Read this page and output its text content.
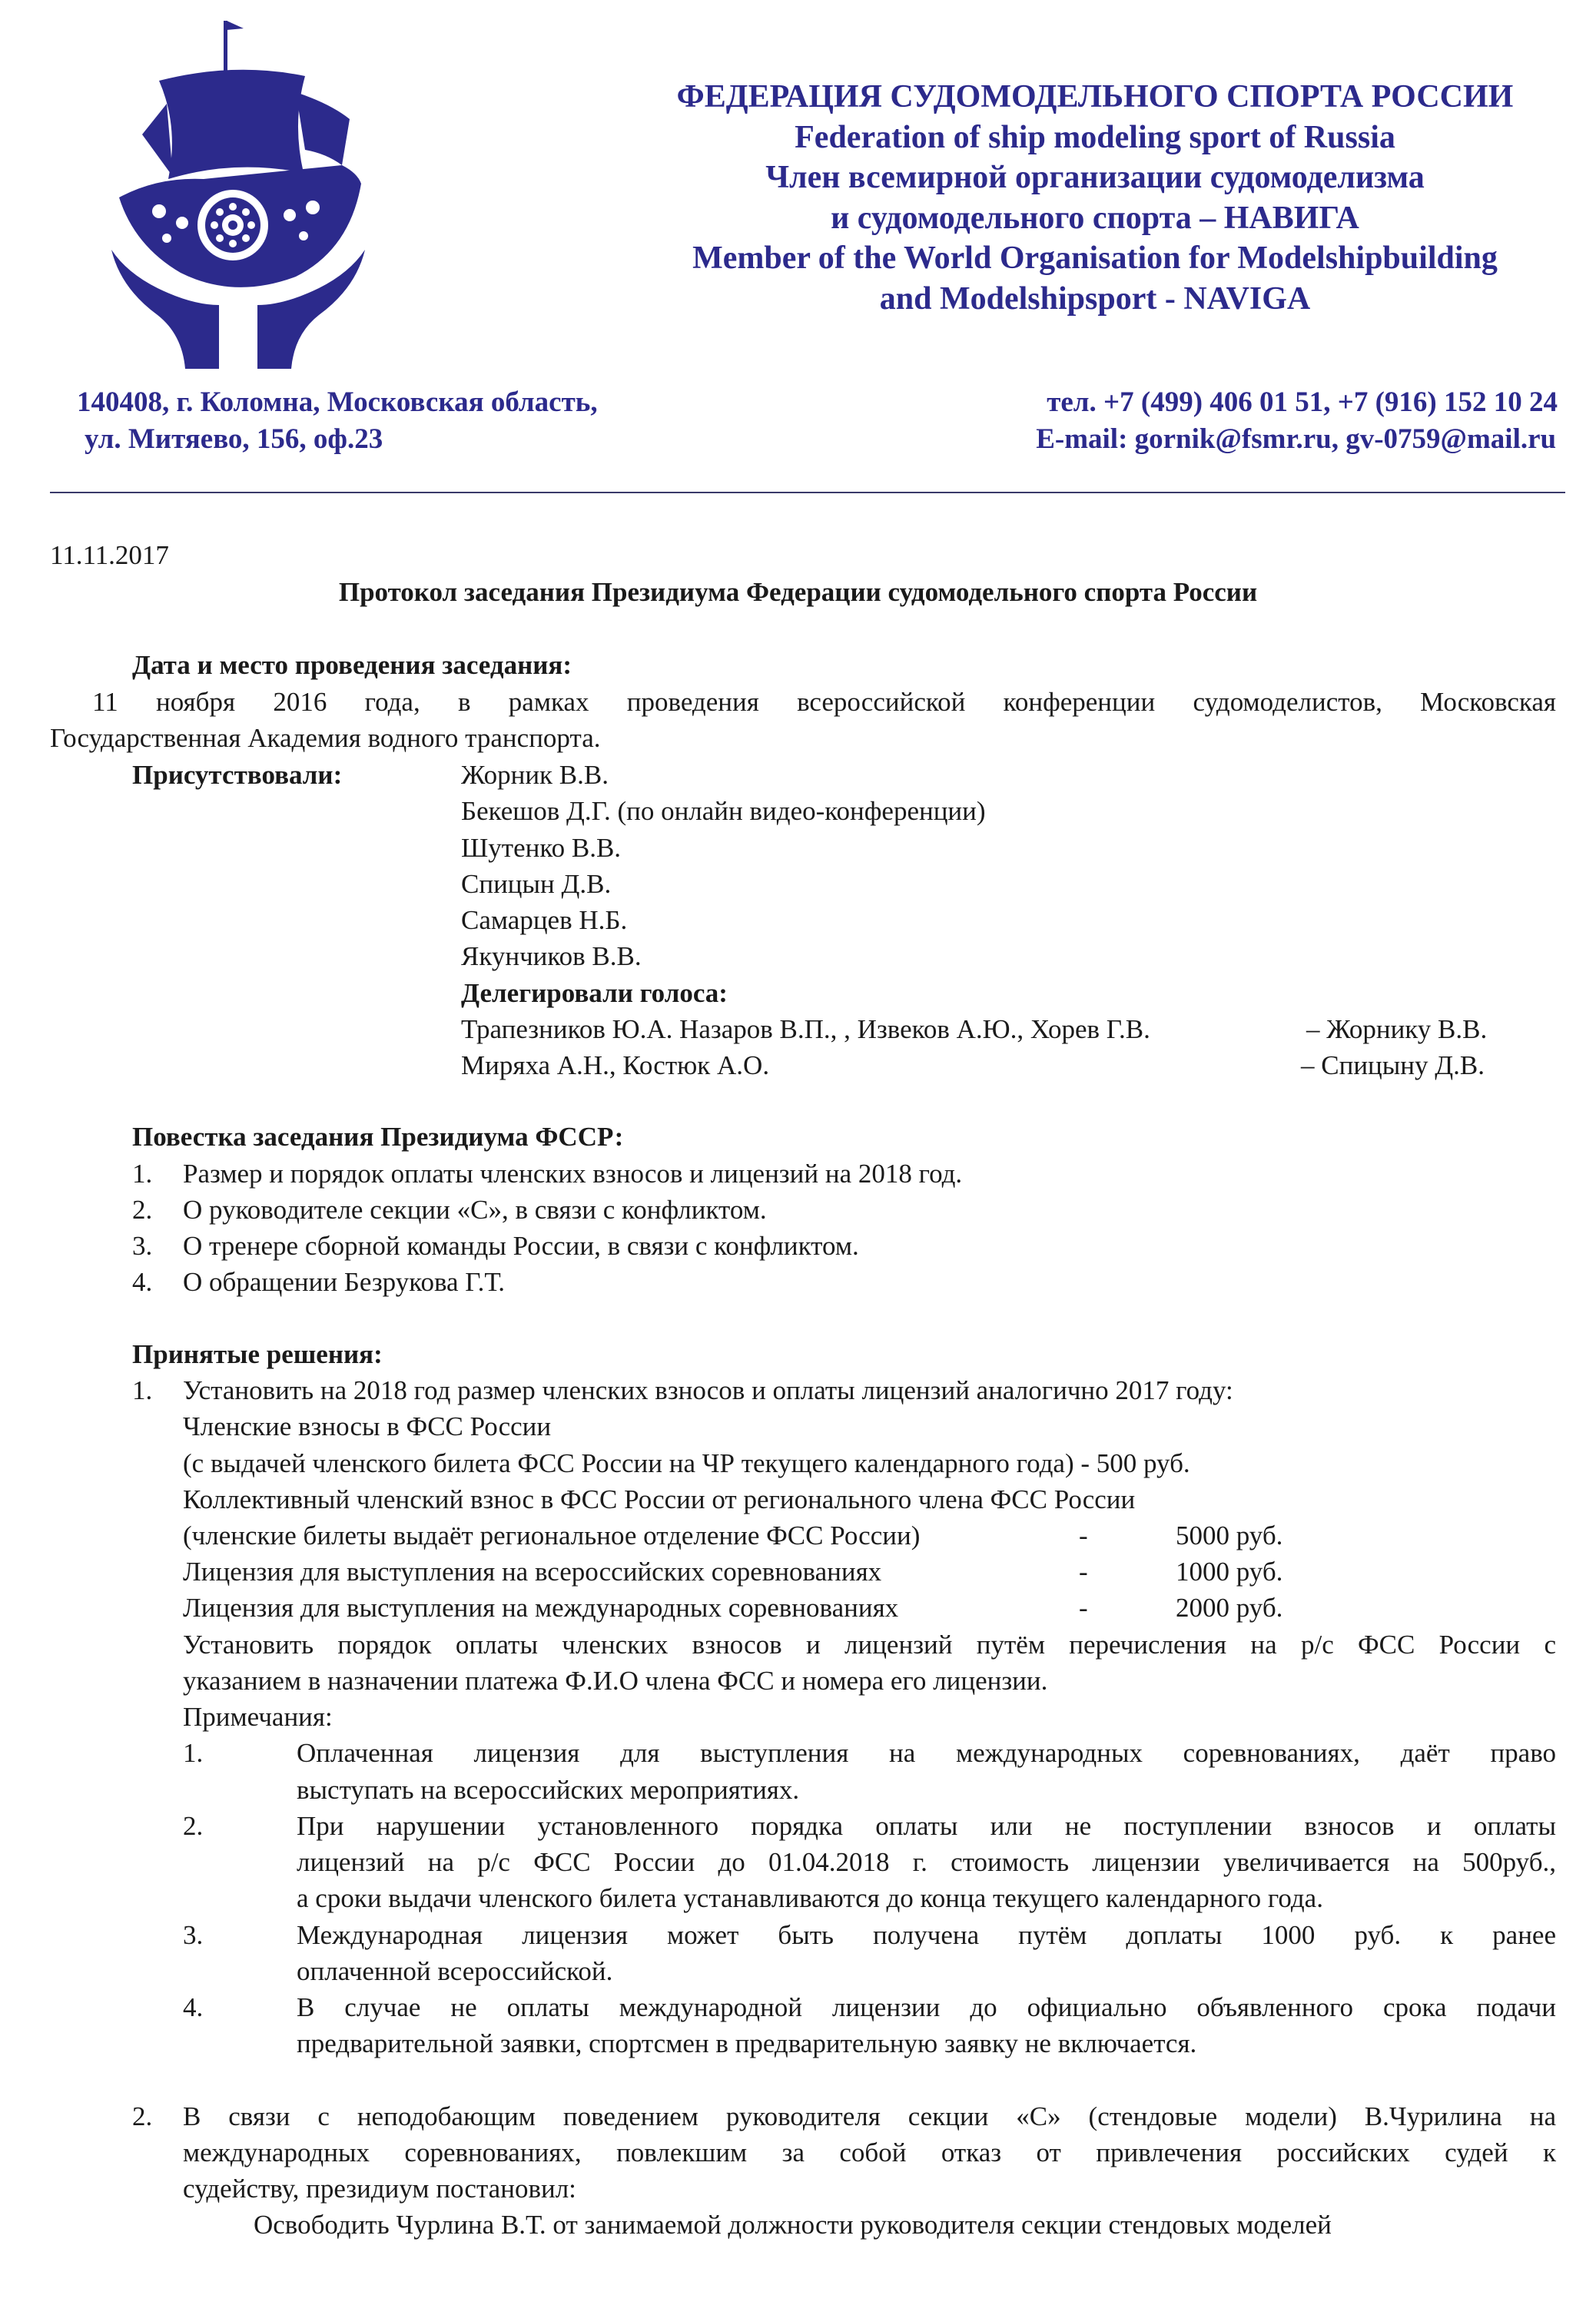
ФЕДЕРАЦИЯ СУДОМОДЕЛЬНОГО СПОРТА РОССИИ
Federation of ship modeling sport of Russia
Член всемирной организации судомоделизма
и судомодельного спорта – НАВИГА
Member of the World Organisation for Modelshipbuilding
and Modelshipsport - NAVIGA
140408, г. Коломна, Московская область,
ул. Митяево, 156, оф.23
тел. +7 (499) 406 01 51, +7 (916) 152 10 24
E-mail: gornik@fsmr.ru, gv-0759@mail.ru
11.11.2017
Протокол заседания Президиума Федерации судомодельного спорта России
Дата и место проведения заседания:
11 ноября 2016 года, в рамках проведения всероссийской конференции судомоделистов, Московская
Государственная Академия водного транспорта.
Присутствовали:	Жорник В.В.
Бекешов Д.Г. (по онлайн видео-конференции)
Шутенко В.В.
Спицын Д.В.
Самарцев Н.Б.
Якунчиков В.В.
Делегировали голоса:
Трапезников Ю.А. Назаров В.П., , Извеков А.Ю., Хорев Г.В.	– Жорнику В.В.
Миряха А.Н., Костюк А.О.	– Спицыну Д.В.
Повестка заседания Президиума ФССР:
1. Размер и порядок оплаты членских взносов и лицензий на 2018 год.
2. О руководителе секции «С», в связи с конфликтом.
3. О тренере сборной команды России, в связи с конфликтом.
4. О обращении Безрукова Г.Т.
Принятые решения:
1. Установить на 2018 год размер членских взносов и оплаты лицензий аналогично 2017 году:
Членские взносы в ФСС России
(с выдачей членского билета ФСС России на ЧР текущего календарного года) - 500 руб.
Коллективный членский взнос в ФСС России от регионального члена ФСС России
(членские билеты выдаёт региональное отделение ФСС России)	-	5000 руб.
Лицензия для выступления на всероссийских соревнованиях	-	1000 руб.
Лицензия для выступления на международных соревнованиях	-	2000 руб.
Установить порядок оплаты членских взносов и лицензий путём перечисления на р/с ФСС России с
указанием в назначении платежа Ф.И.О члена ФСС и номера его лицензии.
Примечания:
1.	Оплаченная лицензия для выступления на международных соревнованиях, даёт право
выступать на всероссийских мероприятиях.
2.	При нарушении установленного порядка оплаты или не поступлении взносов и оплаты
лицензий на р/с ФСС России до 01.04.2018 г. стоимость лицензии увеличивается на 500руб.,
а сроки выдачи членского билета устанавливаются до конца текущего календарного года.
3.	Международная лицензия может быть получена путём доплаты 1000 руб. к ранее
оплаченной всероссийской.
4.	В случае не оплаты международной лицензии до официально объявленного срока подачи
предварительной заявки, спортсмен в предварительную заявку не включается.
2. В связи с неподобающим поведением руководителя секции «С» (стендовые модели) В.Чурилина на
международных соревнованиях, повлекшим за собой отказ от привлечения российских судей к
судейству, президиум постановил:
Освободить Чурлина В.Т. от занимаемой должности руководителя секции стендовых моделей
